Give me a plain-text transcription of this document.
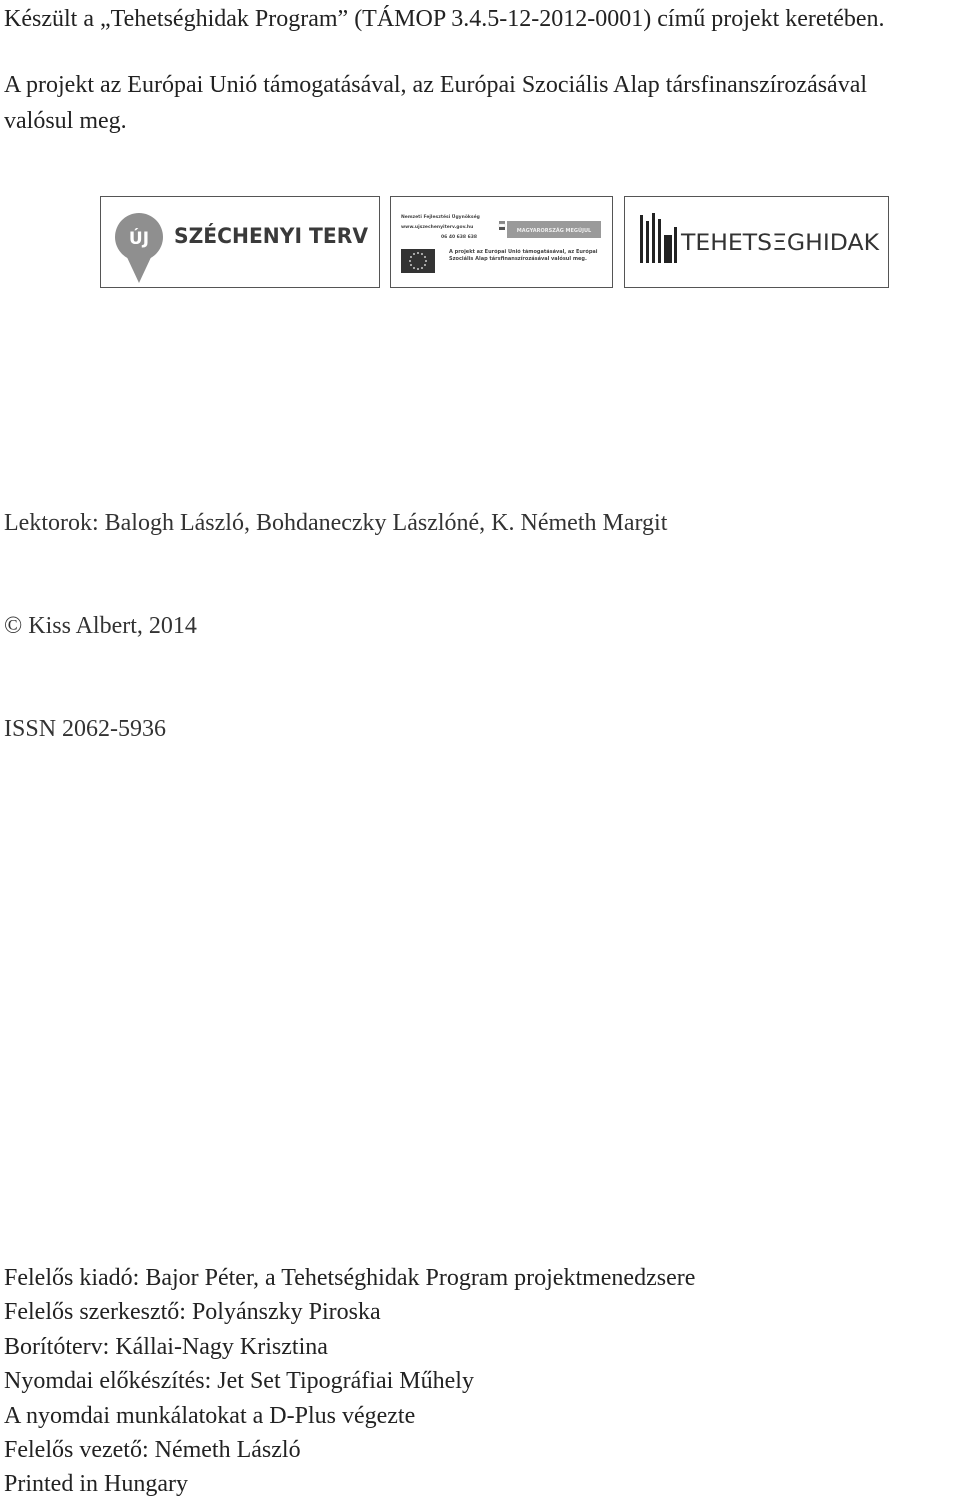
Készült a „Tehetséghidak Program” (TÁMOP 3.4.5-12-2012-0001) című projekt keretében.
A projekt az Európai Unió támogatásával, az Európai Szociális Alap társfinanszírozásával
valósul meg.
ÚJ SZÉCHENYI TERV
Nemzeti Fejlesztési Ügynökség
www.ujszechenyiterv.gov.hu
06 40 638 638
MAGYARORSZÁG MEGÚJUL
A projekt az Európai Unió támogatásával, az Európai Szociális Alap társfinanszírozásával valósul meg.
TEHETSΞGHIDAK
Lektorok: Balogh László, Bohdaneczky Lászlóné, K. Németh Margit
© Kiss Albert, 2014
ISSN 2062-5936
Felelős kiadó: Bajor Péter, a Tehetséghidak Program projektmenedzsere
Felelős szerkesztő: Polyánszky Piroska
Borítóterv: Kállai-Nagy Krisztina
Nyomdai előkészítés: Jet Set Tipográfiai Műhely
A nyomdai munkálatokat a D-Plus végezte
Felelős vezető: Németh László
Printed in Hungary
